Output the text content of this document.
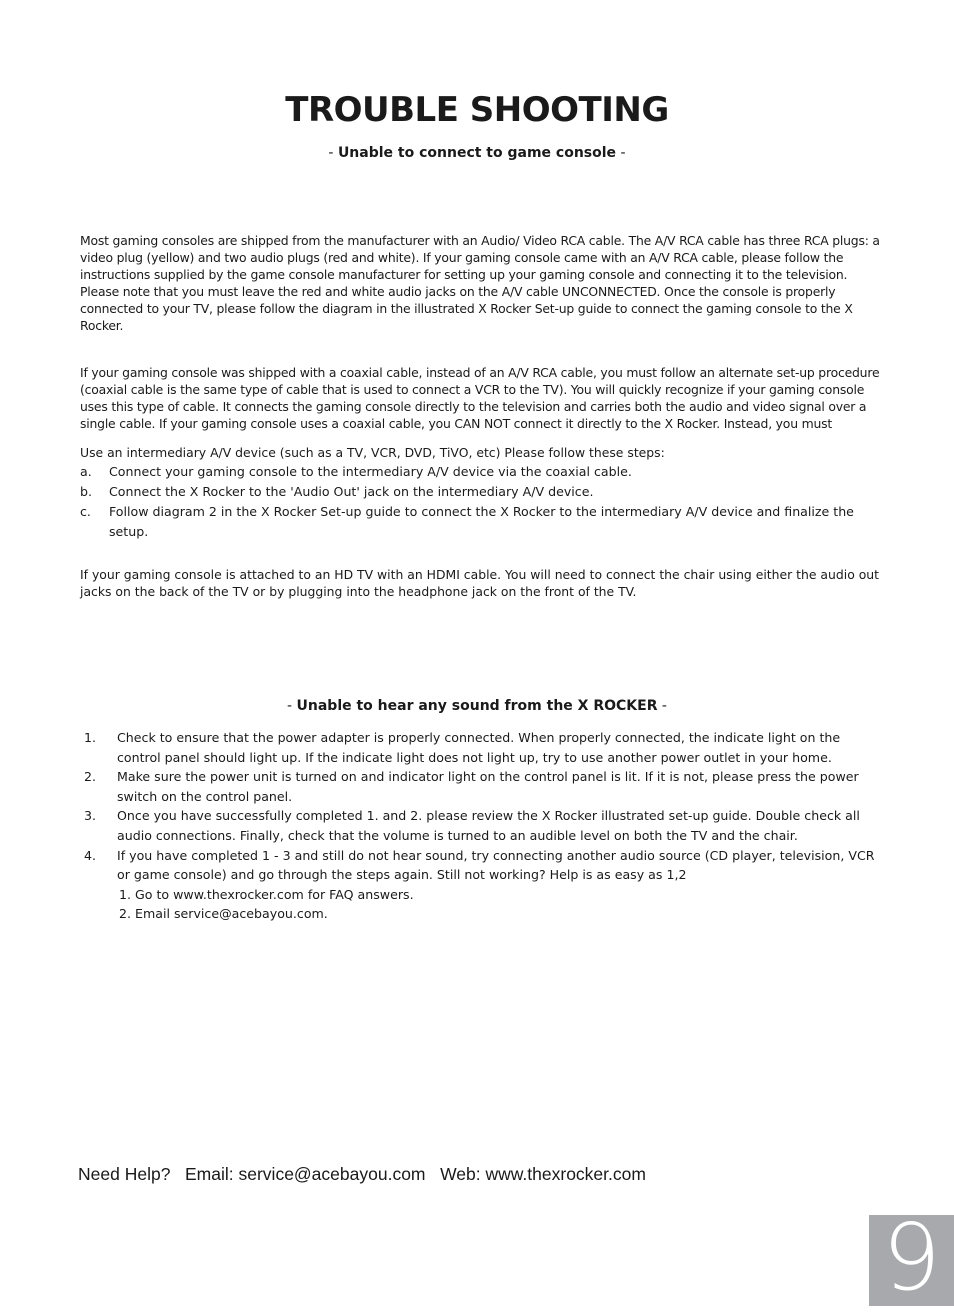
TROUBLE SHOOTING
- Unable to connect to game console -

Most gaming consoles are shipped from the manufacturer with an Audio/ Video RCA cable. The A/V RCA cable has three RCA plugs: a video plug (yellow) and two audio plugs (red and white). If your gaming console came with an A/V RCA cable, please follow the instructions supplied by the game console manufacturer for setting up your gaming console and connecting it to the television. Please note that you must leave the red and white audio jacks on the A/V cable UNCONNECTED. Once the console is properly connected to your TV, please follow the diagram in the illustrated X Rocker Set-up guide to connect the gaming console to the X Rocker.

If your gaming console was shipped with a coaxial cable, instead of an A/V RCA cable, you must follow an alternate set-up procedure (coaxial cable is the same type of cable that is used to connect a VCR to the TV). You will quickly recognize if your gaming console uses this type of cable. It connects the gaming console directly to the television and carries both the audio and video signal over a single cable. If your gaming console uses a coaxial cable, you CAN NOT connect it directly to the X Rocker. Instead, you must

Use an intermediary A/V device (such as a TV, VCR, DVD, TiVO, etc) Please follow these steps:

a.	Connect your gaming console to the intermediary A/V device via the coaxial cable.
b.	Connect the X Rocker to the 'Audio Out' jack on the intermediary A/V device.
c.	Follow diagram 2 in the X Rocker Set-up guide to connect the X Rocker to the intermediary A/V device and finalize the setup.

If your gaming console is attached to an HD TV with an HDMI cable. You will need to connect the chair using either the audio out jacks on the back of the TV or by plugging into the headphone jack on the front of the TV.

- Unable to hear any sound from the X ROCKER -
1.	Check to ensure that the power adapter is properly connected. When properly connected, the indicate light on the control panel should light up. If the indicate light does not light up, try to use another power outlet in your home.
2.	Make sure the power unit is turned on and indicator light on the control panel is lit. If it is not, please press the power switch on the control panel.
3.	Once you have successfully completed 1. and 2. please review the X Rocker illustrated set-up guide. Double check all audio connections. Finally, check that the volume is turned to an audible level on both the TV and the chair.
4.	If you have completed 1 - 3 and still do not hear sound, try connecting another audio source (CD player, television, VCR or game console) and go through the steps again. Still not working? Help is as easy as 1,2
1. Go to www.thexrocker.com for FAQ answers.
2. Email service@acebayou.com.
Need Help?   Email: service@acebayou.com   Web: www.thexrocker.com
9
